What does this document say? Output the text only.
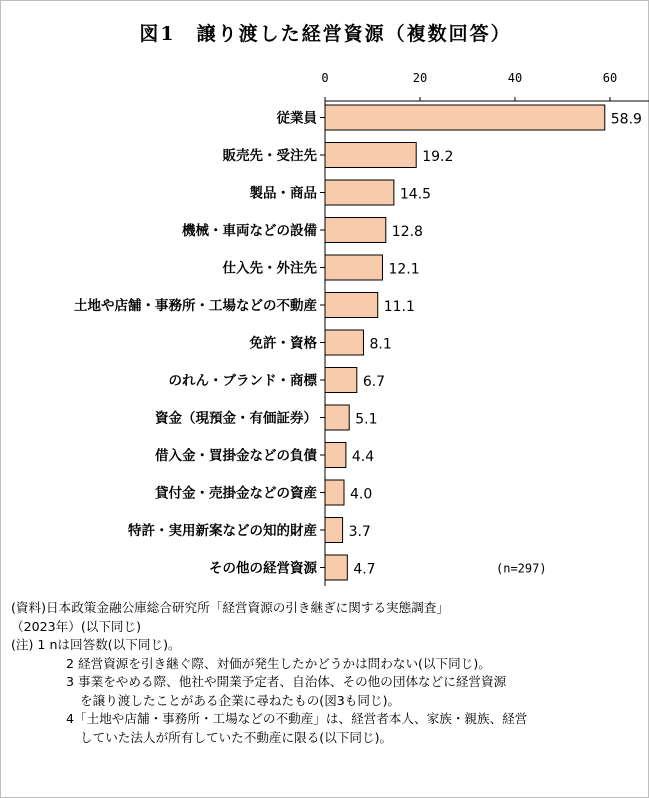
図1　譲り渡した経営資源（複数回答）
0	20	40	60
従業員	58.9
販売先・受注先	19.2
製品・商品	14.5
機械・車両などの設備	12.8
仕入先・外注先	12.1
土地や店舗・事務所・工場などの不動産	11.1
免許・資格	8.1
のれん・ブランド・商標	6.7
資金（現預金・有価証券）	5.1
借入金・買掛金などの負債 4.4
貸付金・売掛金などの資産 4.0
特許・実用新案などの知的財産 3.7
その他の経営資源	4.7	(n=297)
(資料)日本政策金融公庫総合研究所「経営資源の引き継ぎに関する実態調査」
（2023年）(以下同じ)
(注) 1 nは回答数(以下同じ)。
2 経営資源を引き継ぐ際、対価が発生したかどうかは問わない(以下同じ)。
3 事業をやめる際、他社や開業予定者、自治体、その他の団体などに経営資源
を譲り渡したことがある企業に尋ねたもの(図3も同じ)。
4「土地や店舗・事務所・工場などの不動産」は、経営者本人、家族・親族、経営
していた法人が所有していた不動産に限る(以下同じ)。
